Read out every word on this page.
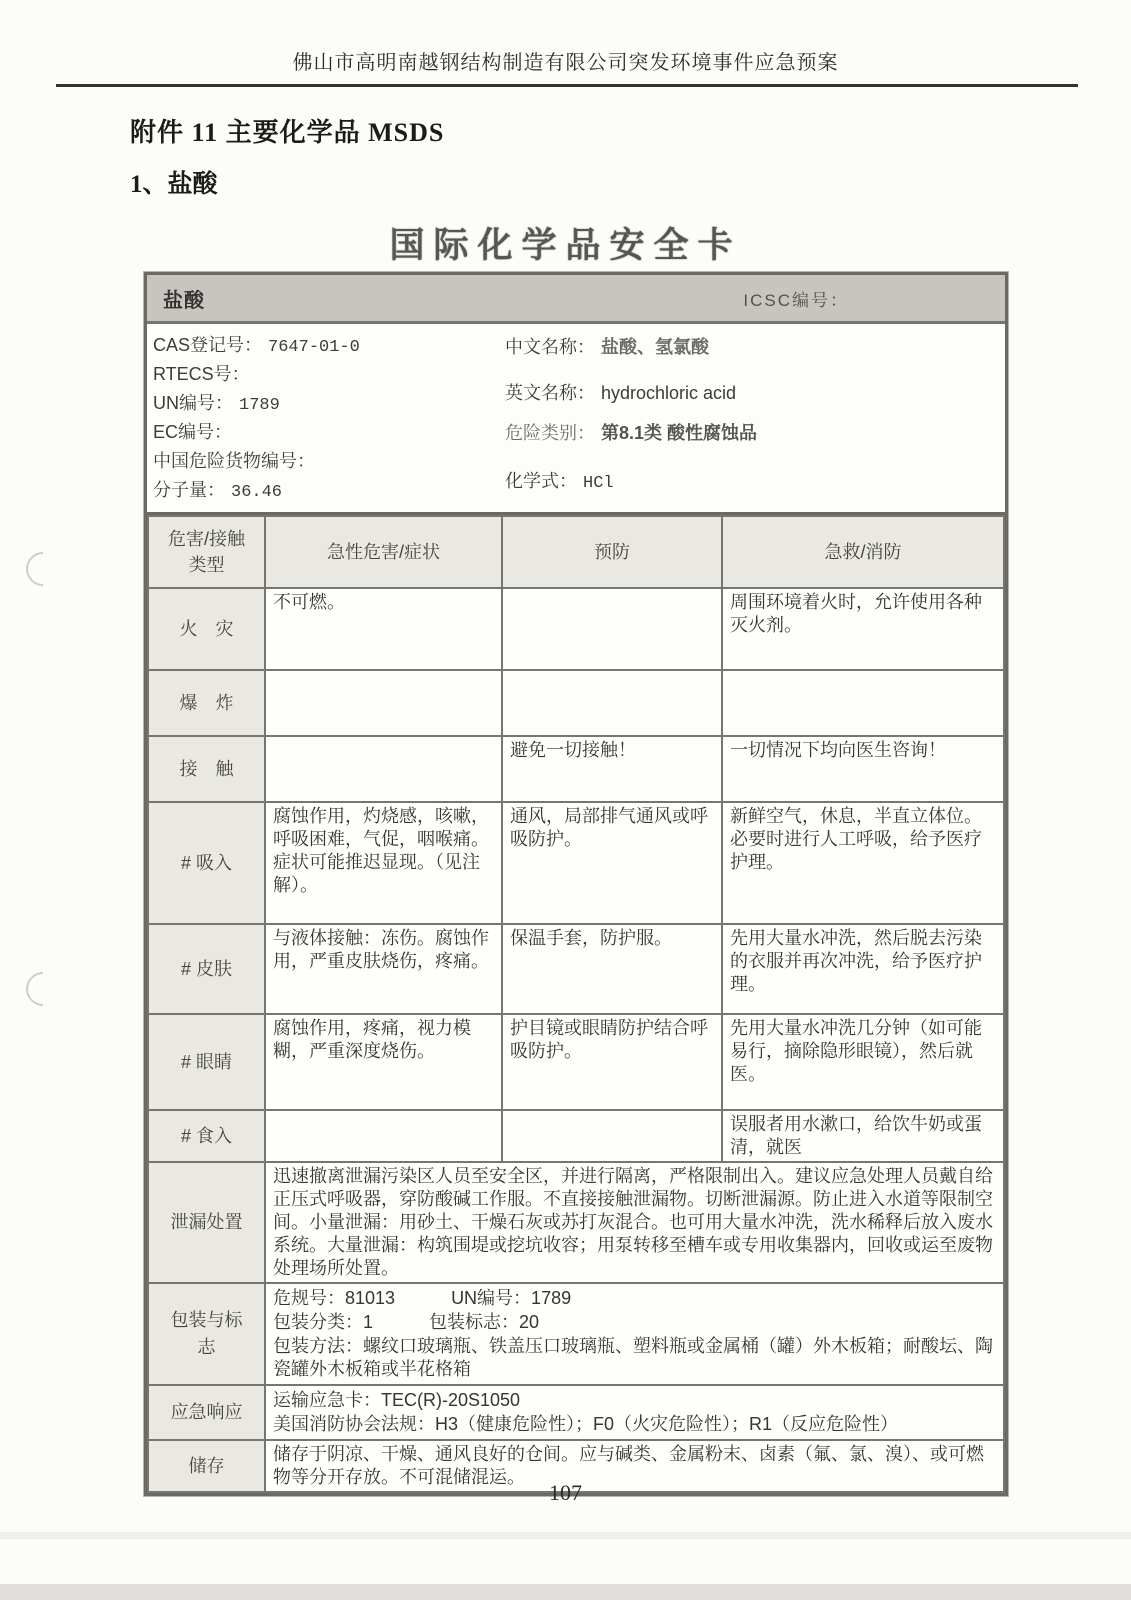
佛山市高明南越钢结构制造有限公司突发环境事件应急预案
附件 11 主要化学品 MSDS
1、盐酸
国际化学品安全卡
盐酸	ICSC编号：
CAS登记号： 7647-01-0
RTECS号：
UN编号： 1789
EC编号：
中国危险货物编号：
分子量： 36.46
中文名称： 盐酸、氢氯酸
英文名称： hydrochloric acid
危险类别： 第8.1类 酸性腐蚀品
化学式： HCl
危害/接触类型	急性危害/症状	预防	急救/消防
火　灾	不可燃。		周围环境着火时，允许使用各种灭火剂。
爆　炸			
接　触		避免一切接触！	一切情况下均向医生咨询！
# 吸入	腐蚀作用，灼烧感，咳嗽，呼吸困难，气促，咽喉痛。症状可能推迟显现。（见注解）。	通风，局部排气通风或呼吸防护。	新鲜空气，休息，半直立体位。必要时进行人工呼吸，给予医疗护理。
# 皮肤	与液体接触：冻伤。腐蚀作用，严重皮肤烧伤，疼痛。	保温手套，防护服。	先用大量水冲洗，然后脱去污染的衣服并再次冲洗，给予医疗护理。
# 眼睛	腐蚀作用，疼痛，视力模糊，严重深度烧伤。	护目镜或眼睛防护结合呼吸防护。	先用大量水冲洗几分钟（如可能易行，摘除隐形眼镜），然后就医。
# 食入			误服者用水漱口，给饮牛奶或蛋清，就医
泄漏处置	迅速撤离泄漏污染区人员至安全区，并进行隔离，严格限制出入。建议应急处理人员戴自给正压式呼吸器，穿防酸碱工作服。不直接接触泄漏物。切断泄漏源。防止进入水道等限制空间。小量泄漏：用砂土、干燥石灰或苏打灰混合。也可用大量水冲洗，洗水稀释后放入废水系统。大量泄漏：构筑围堤或挖坑收容；用泵转移至槽车或专用收集器内，回收或运至废物处理场所处置。		
包装与标志	危规号：81013 UN编号：1789
包装分类：1 包装标志：20
包装方法：螺纹口玻璃瓶、铁盖压口玻璃瓶、塑料瓶或金属桶（罐）外木板箱；耐酸坛、陶瓷罐外木板箱或半花格箱		

应急响应	运输应急卡：TEC(R)-20S1050
美国消防协会法规：H3（健康危险性）；F0（火灾危险性）；R1（反应危险性）		

储存	储存于阴凉、干燥、通风良好的仓间。应与碱类、金属粉末、卤素（氟、氯、溴）、或可燃物等分开存放。不可混储混运。		
107
